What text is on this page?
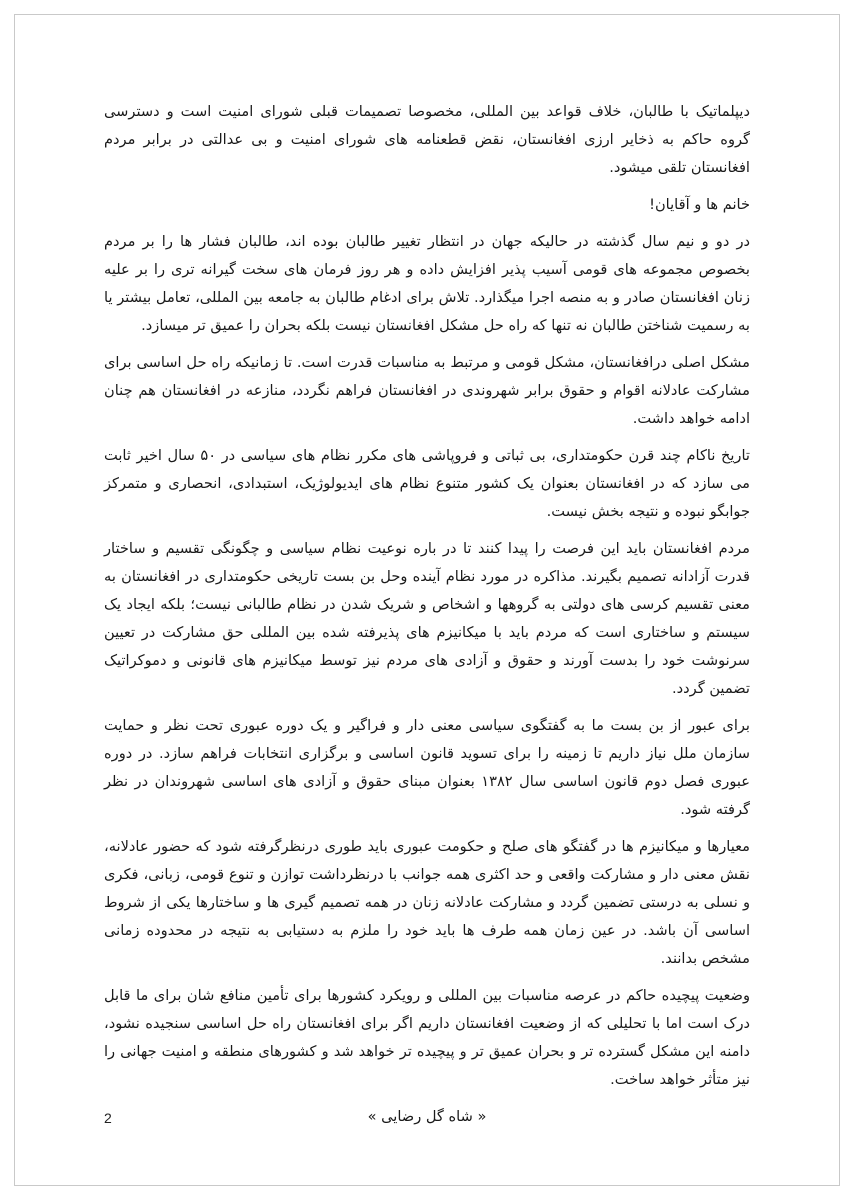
دیپلماتیک با طالبان، خلاف قواعد بین المللی، مخصوصا تصمیمات قبلی شورای امنیت است و دسترسی گروه حاکم به ذخایر ارزی افغانستان، نقض قطعنامه های شورای امنیت و بی عدالتی در برابر مردم افغانستان تلقی میشود.

خانم ها و آقایان!

در دو و نیم سال گذشته در حالیکه جهان در انتظار تغییر طالبان بوده اند، طالبان فشار ها را بر مردم بخصوص مجموعه های قومی آسیب پذیر افزایش داده و هر روز فرمان های سخت گیرانه تری را بر علیه زنان افغانستان صادر و به منصه اجرا میگذارد. تلاش برای ادغام طالبان به جامعه بین المللی، تعامل بیشتر یا به رسمیت شناختن طالبان نه تنها که راه حل مشکل افغانستان نیست بلکه بحران را عمیق تر میسازد.

مشکل اصلی درافغانستان، مشکل قومی و مرتبط به مناسبات قدرت است. تا زمانیکه راه حل اساسی برای مشارکت عادلانه اقوام و حقوق برابر شهروندی در افغانستان فراهم نگردد، منازعه در افغانستان هم چنان ادامه خواهد داشت.

تاریخ ناکام چند قرن حکومتداری، بی ثباتی و فروپاشی های مکرر نظام های سیاسی در ۵۰ سال اخیر ثابت می سازد که در افغانستان بعنوان یک کشور متنوع نظام های ایدیولوژیک، استبدادی، انحصاری و متمرکز جوابگو نبوده و نتیجه بخش نیست.

مردم افغانستان باید این فرصت را پیدا کنند تا در باره نوعیت نظام سیاسی و چگونگی تقسیم و ساختار قدرت آزادانه تصمیم بگیرند. مذاکره در مورد نظام آینده وحل بن بست تاریخی حکومتداری در افغانستان به معنی تقسیم کرسی های دولتی به گروهها و اشخاص و شریک شدن در نظام طالبانی نیست؛ بلکه ایجاد یک سیستم و ساختاری است که مردم باید با میکانیزم های پذیرفته شده بین المللی حق مشارکت در تعیین سرنوشت خود را بدست آورند و حقوق و آزادی های مردم نیز توسط میکانیزم های قانونی و دموکراتیک تضمین گردد.

برای عبور از بن بست ما به گفتگوی سیاسی معنی دار و فراگیر و یک دوره عبوری تحت نظر و حمایت سازمان ملل نیاز داریم تا زمینه را برای تسوید قانون اساسی و برگزاری انتخابات فراهم سازد. در دوره عبوری فصل دوم قانون اساسی سال ۱۳۸۲ بعنوان مبنای حقوق و آزادی های اساسی شهروندان در نظر گرفته شود.

معیارها و میکانیزم ها در گفتگو های صلح و حکومت عبوری باید طوری درنظرگرفته شود که حضور عادلانه، نقش معنی دار و مشارکت واقعی و حد اکثری همه جوانب با درنظرداشت توازن و تنوع قومی، زبانی، فکری و نسلی به درستی تضمین گردد و مشارکت عادلانه زنان در همه تصمیم گیری ها و ساختارها یکی از شروط اساسی آن باشد. در عین زمان همه طرف ها باید خود را ملزم به دستیابی به نتیجه در محدوده زمانی مشخص بدانند.

وضعیت پیچیده حاکم در عرصه مناسبات بین المللی و رویکرد کشورها برای تأمین منافع شان برای ما قابل درک است اما با تحلیلی که از وضعیت افغانستان داریم اگر برای افغانستان راه حل اساسی سنجیده نشود، دامنه این مشکل گسترده تر و بحران عمیق تر و پیچیده تر خواهد شد و کشورهای منطقه و امنیت جهانی را نیز متأثر خواهد ساخت.

« شاه گل رضایی »
2
